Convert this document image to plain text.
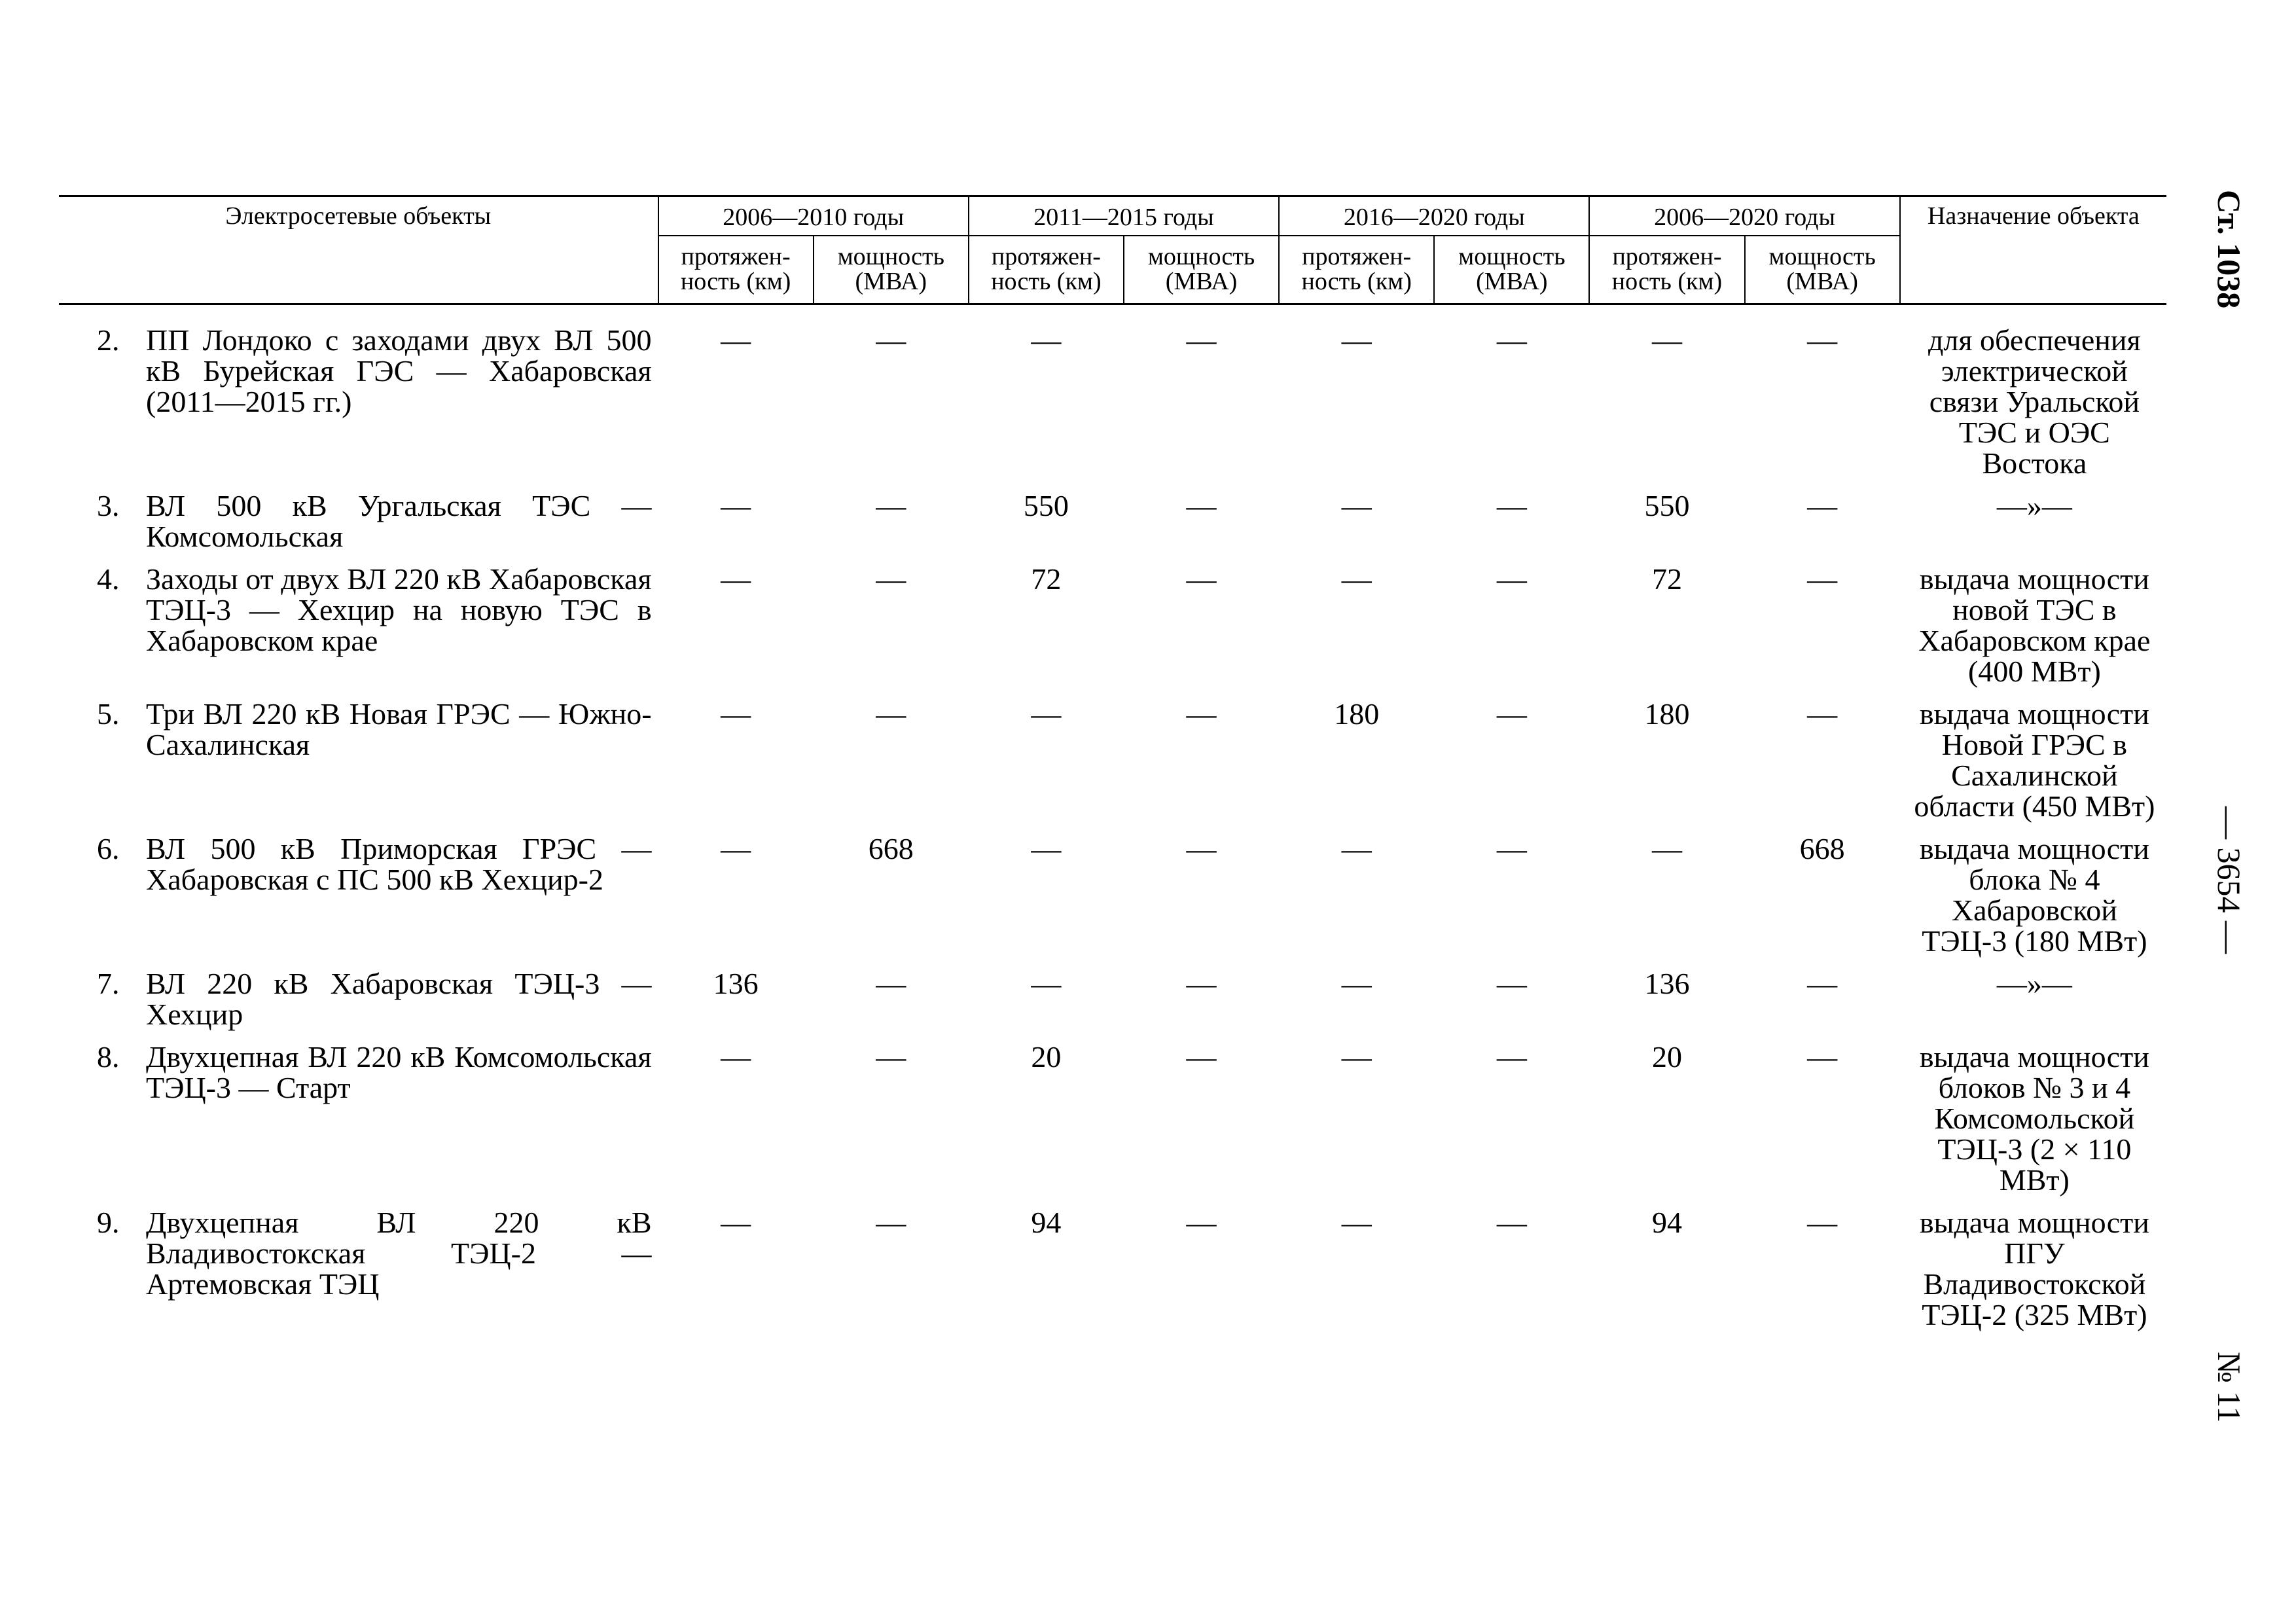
Электросетевые объекты	2006—2010 годы		2011—2015 годы		2016—2020 годы		2006—2020 годы		Назначение объекта
	протяжен-ность (км)	мощность (МВА)	протяжен-ность (км)	мощность (МВА)	протяжен-ность (км)	мощность (МВА)	протяжен-ность (км)	мощность (МВА)	

2. ПП Лондоко с заходами двух ВЛ 500 кВ Бурейская ГЭС — Хабаровская (2011—2015 гг.)	—	—	—	—	—	—	—	—	для обеспечения электрической связи Уральской ТЭС и ОЭС Востока

3. ВЛ 500 кВ Ургальская ТЭС — Комсомольская	—	—	550	—	—	—	550	—	—»—

4. Заходы от двух ВЛ 220 кВ Хабаровская ТЭЦ-3 — Хехцир на новую ТЭС в Хабаровском крае	—	—	72	—	—	—	72	—	выдача мощности новой ТЭС в Хабаровском крае (400 МВт)

5. Три ВЛ 220 кВ Новая ГРЭС — Южно-Сахалинская	—	—	—	—	180	—	180	—	выдача мощности Новой ГРЭС в Сахалинской области (450 МВт)

6. ВЛ 500 кВ Приморская ГРЭС — Хабаровская с ПС 500 кВ Хехцир-2	—	668	—	—	—	—	—	668	выдача мощности блока № 4 Хабаровской ТЭЦ-3 (180 МВт)

7. ВЛ 220 кВ Хабаровская ТЭЦ-3 — Хехцир	136	—	—	—	—	—	136	—	—»—

8. Двухцепная ВЛ 220 кВ Комсомольская ТЭЦ-3 — Старт	—	—	20	—	—	—	20	—	выдача мощности блоков № 3 и 4 Комсомольской ТЭЦ-3 (2 × 110 МВт)

9. Двухцепная ВЛ 220 кВ Владивостокская ТЭЦ-2 — Артемовская ТЭЦ	—	—	94	—	—	—	94	—	выдача мощности ПГУ Владивостокской ТЭЦ-2 (325 МВт)
Ст. 1038
— 3654 —
№ 11
